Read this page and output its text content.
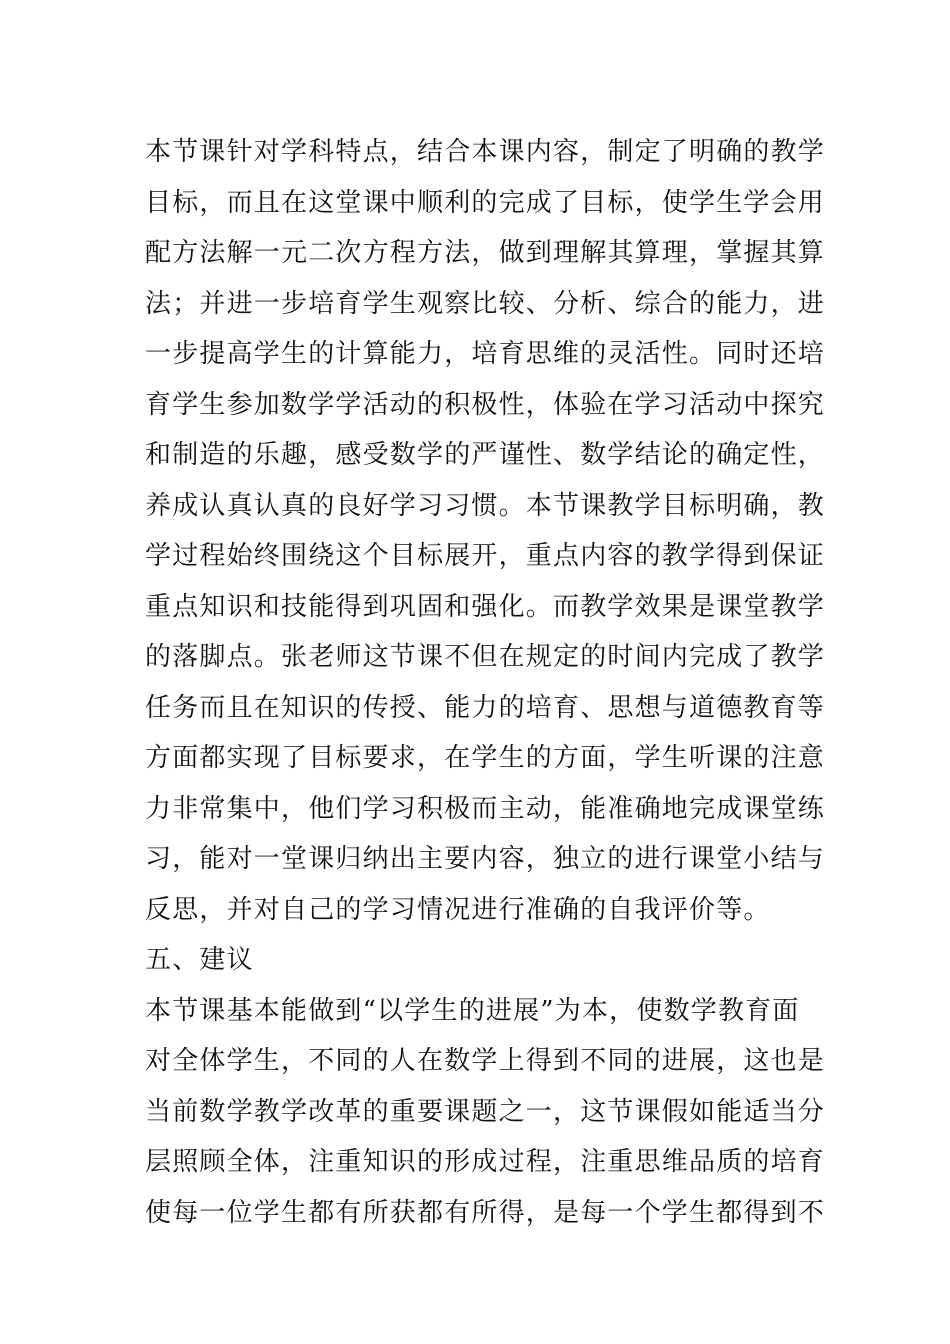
本节课针对学科特点，结合本课内容，制定了明确的教学
目标，而且在这堂课中顺利的完成了目标，使学生学会用
配方法解一元二次方程方法，做到理解其算理，掌握其算
法；并进一步培育学生观察比较、分析、综合的能力，进
一步提高学生的计算能力，培育思维的灵活性。同时还培
育学生参加数学学活动的积极性，体验在学习活动中探究
和制造的乐趣，感受数学的严谨性、数学结论的确定性，
养成认真认真的良好学习习惯。本节课教学目标明确，教
学过程始终围绕这个目标展开，重点内容的教学得到保证
重点知识和技能得到巩固和强化。而教学效果是课堂教学
的落脚点。张老师这节课不但在规定的时间内完成了教学
任务而且在知识的传授、能力的培育、思想与道德教育等
方面都实现了目标要求，在学生的方面，学生听课的注意
力非常集中，他们学习积极而主动，能准确地完成课堂练
习，能对一堂课归纳出主要内容，独立的进行课堂小结与
反思，并对自己的学习情况进行准确的自我评价等。
五、建议
本节课基本能做到“以学生的进展”为本，使数学教育面
对全体学生，不同的人在数学上得到不同的进展，这也是
当前数学教学改革的重要课题之一，这节课假如能适当分
层照顾全体，注重知识的形成过程，注重思维品质的培育
使每一位学生都有所获都有所得，是每一个学生都得到不
